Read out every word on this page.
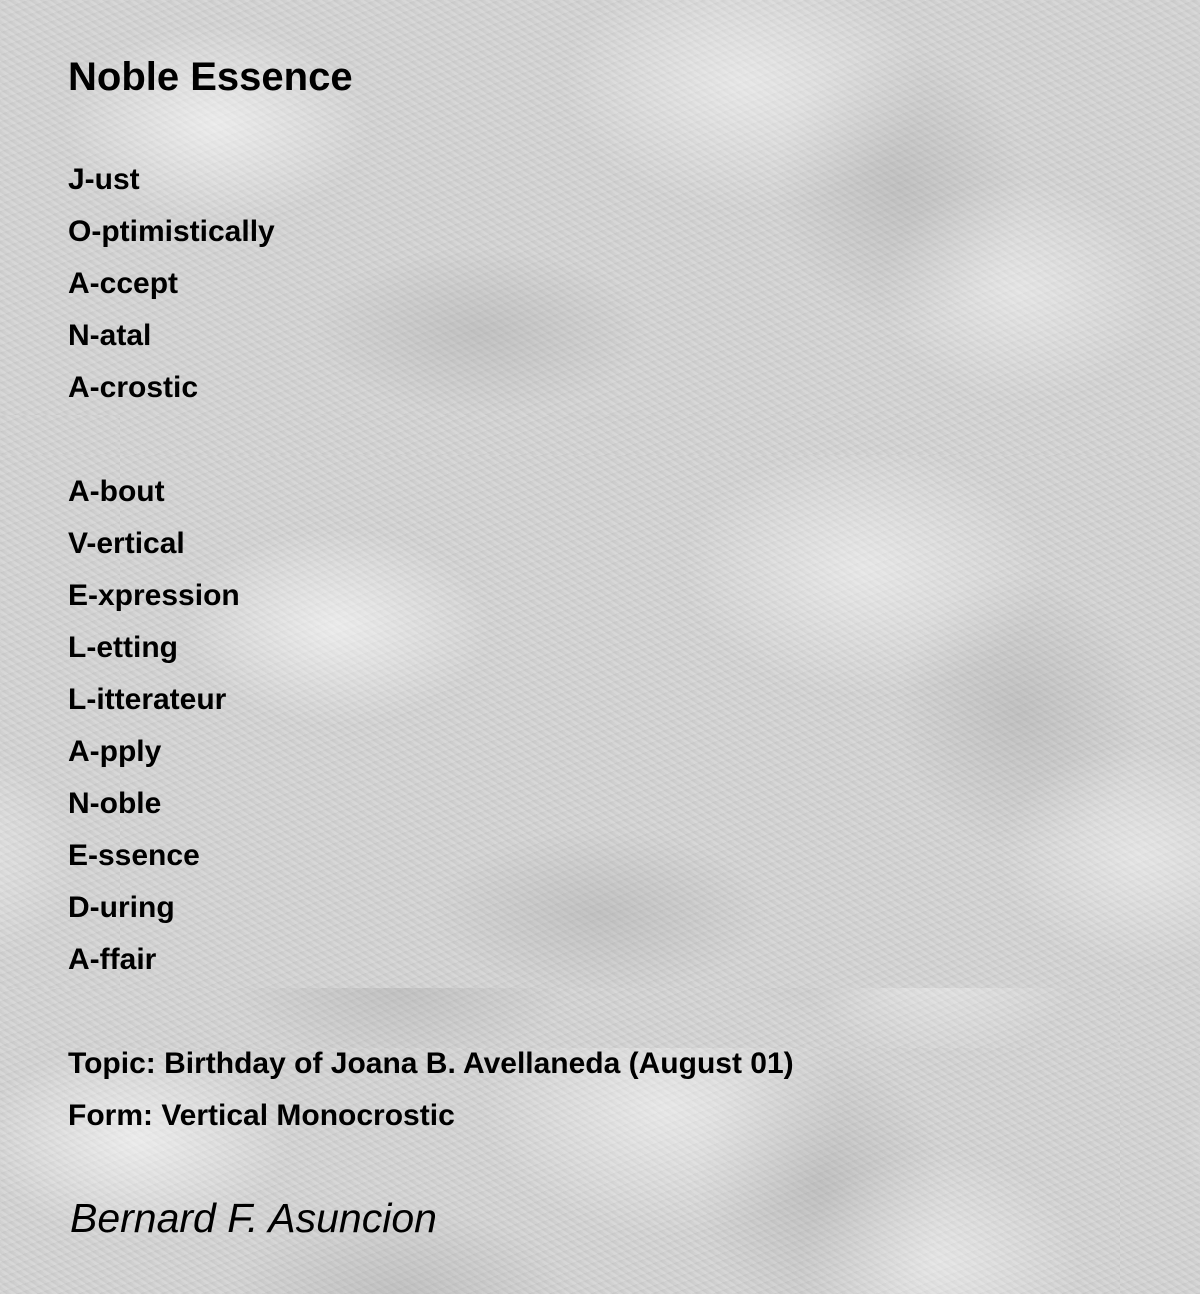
Noble Essence
J-ust
O-ptimistically
A-ccept
N-atal
A-crostic
A-bout
V-ertical
E-xpression
L-etting
L-itterateur
A-pply
N-oble
E-ssence
D-uring
A-ffair
Topic: Birthday of Joana B. Avellaneda (August 01)
Form: Vertical Monocrostic
Bernard F. Asuncion
